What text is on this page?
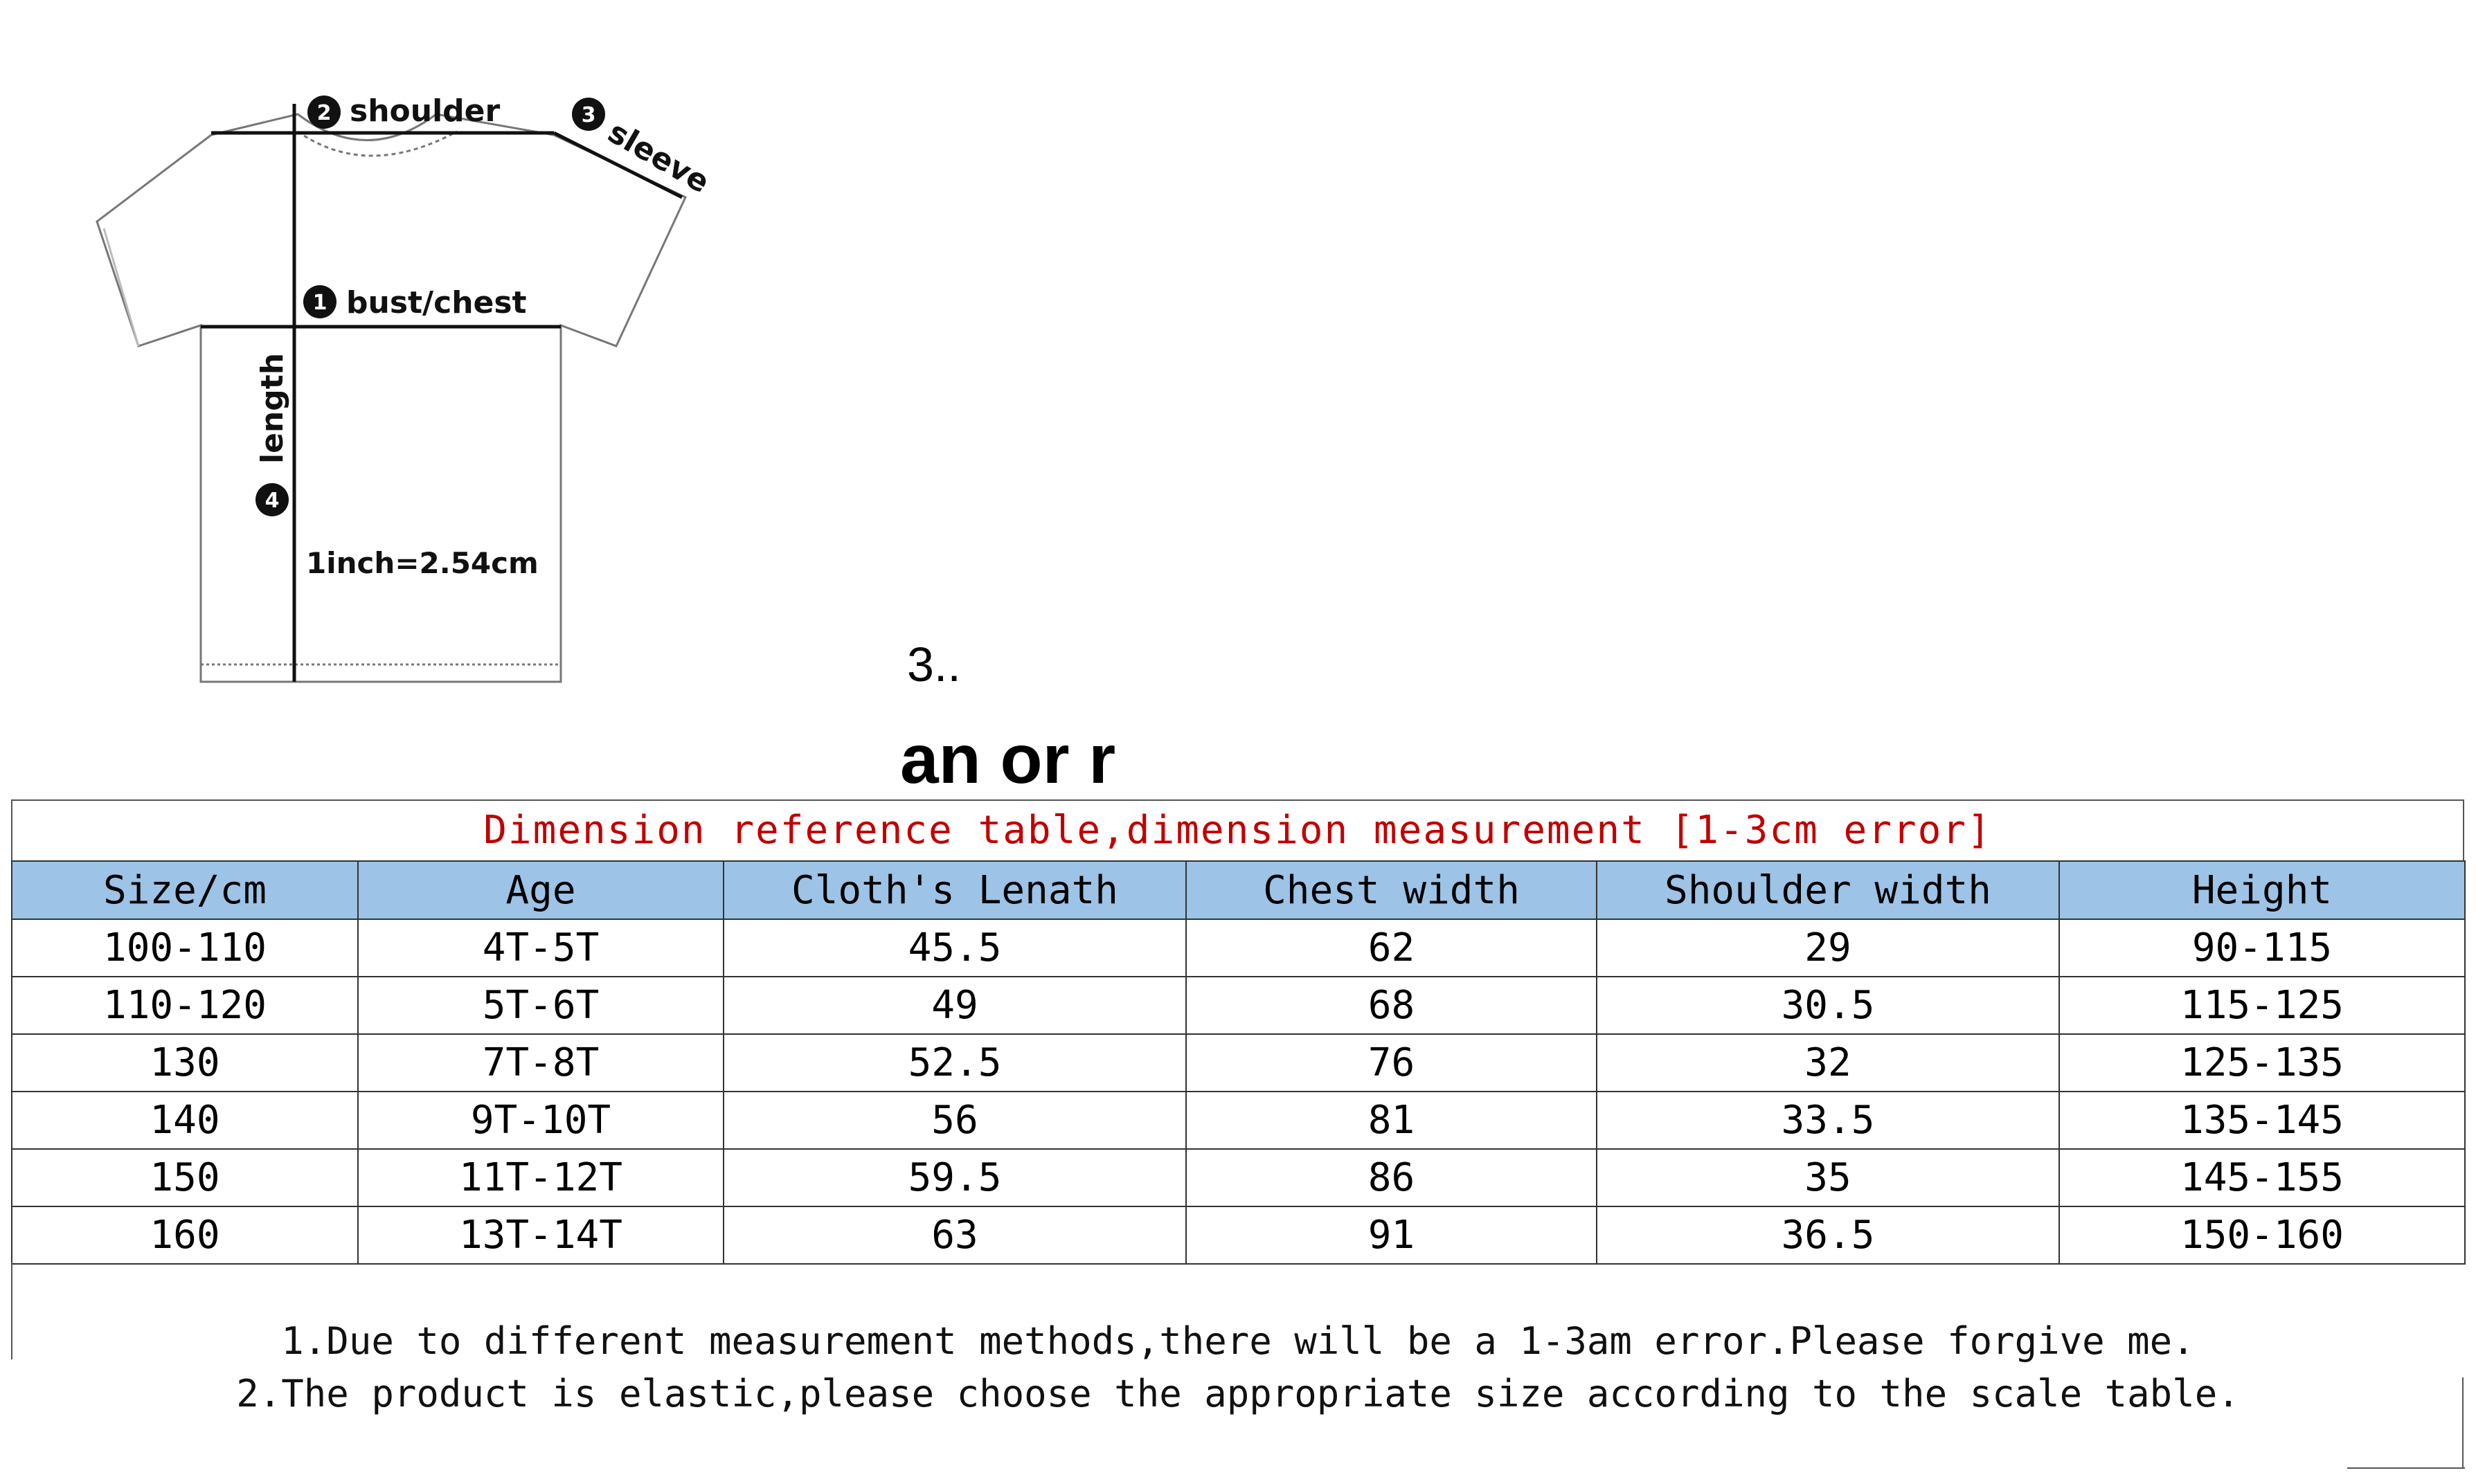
2 shoulder	3 sleeve
1 bust/chest
4
length
1inch=2.54cm
3..
an or r
Dimension reference table,dimension measurement [1-3cm error]
Size/cm	Age	Cloth's Lenath	Chest width	Shoulder width	Height
100-110	4T-5T	45.5	62	29	90-115
110-120	5T-6T	49	68	30.5	115-125
130	7T-8T	52.5	76	32	125-135
140	9T-10T	56	81	33.5	135-145
150	11T-12T	59.5	86	35	145-155
160	13T-14T	63	91	36.5	150-160
1.Due to different measurement methods,there will be a 1-3am error.Please forgive me.
2.The product is elastic,please choose the appropriate size according to the scale table.
